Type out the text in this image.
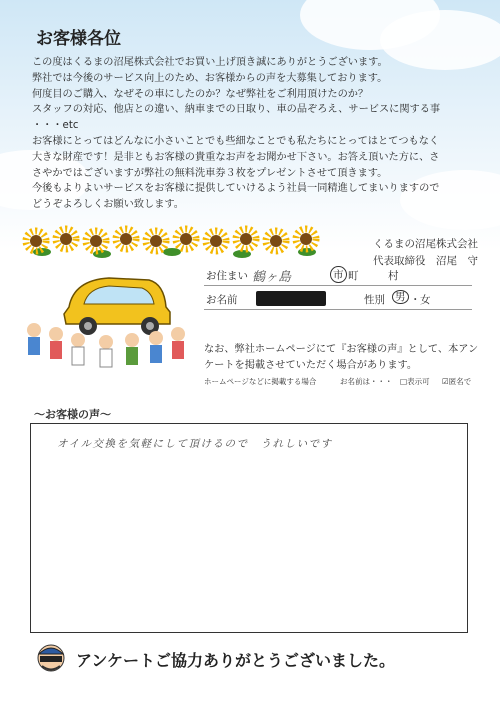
お客様各位

この度はくるまの沼尾株式会社でお買い上げ頂き誠にありがとうございます。

弊社では今後のサービス向上のため、お客様からの声を大募集しております。

何度目のご購入、なぜその車にしたのか？なぜ弊社をご利用頂けたのか？

スタッフの対応、他店との違い、納車までの日取り、車の品ぞろえ、サービスに関する事

・・・etc

お客様にとってはどんなに小さいことでも些細なことでも私たちにとってはとてつもなく

大きな財産です！是非ともお客様の貴重なお声をお聞かせ下さい。お答え頂いた方に、さ

さやかではございますが弊社の無料洗車券３枚をプレゼントさせて頂きます。

今後もよりよいサービスをお客様に提供していけるよう社員一同精進してまいりますので

どうぞよろしくお願い致します。

くるまの沼尾株式会社
代表取締役　沼尾　守
お住まい 鶴ヶ島	市 町	村
お名前	性別 男 ・ 女

なお、弊社ホームページにて『お客様の声』として、本アンケートを掲載させていただく場合があります。

ホームページなどに掲載する場合	お名前は・・・ □表示可 ☑匿名で
〜お客様の声〜
オイル交換を気軽にして頂けるので　うれしいです
アンケートご協力ありがとうございました。
